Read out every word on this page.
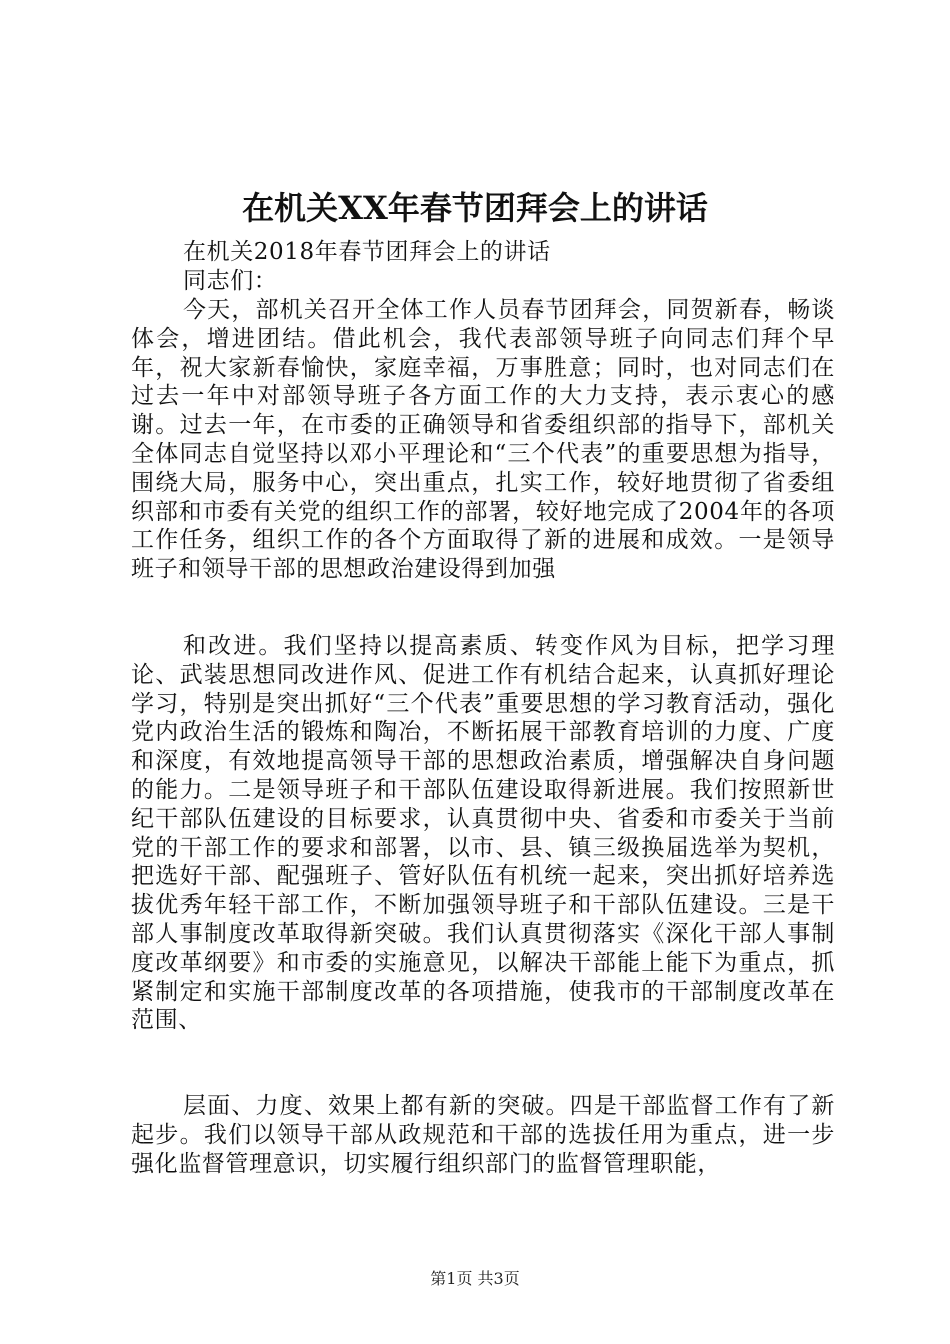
在机关XX年春节团拜会上的讲话

在机关2018年春节团拜会上的讲话

同志们：

今天，部机关召开全体工作人员春节团拜会，同贺新春，畅谈体会，增进团结。借此机会，我代表部领导班子向同志们拜个早年，祝大家新春愉快，家庭幸福，万事胜意；同时，也对同志们在过去一年中对部领导班子各方面工作的大力支持，表示衷心的感谢。过去一年，在市委的正确领导和省委组织部的指导下，部机关全体同志自觉坚持以邓小平理论和“三个代表”的重要思想为指导，围绕大局，服务中心，突出重点，扎实工作，较好地贯彻了省委组织部和市委有关党的组织工作的部署，较好地完成了2004年的各项工作任务，组织工作的各个方面取得了新的进展和成效。一是领导班子和领导干部的思想政治建设得到加强

和改进。我们坚持以提高素质、转变作风为目标，把学习理论、武装思想同改进作风、促进工作有机结合起来，认真抓好理论学习，特别是突出抓好“三个代表”重要思想的学习教育活动，强化党内政治生活的锻炼和陶冶，不断拓展干部教育培训的力度、广度和深度，有效地提高领导干部的思想政治素质，增强解决自身问题的能力。二是领导班子和干部队伍建设取得新进展。我们按照新世纪干部队伍建设的目标要求，认真贯彻中央、省委和市委关于当前党的干部工作的要求和部署，以市、县、镇三级换届选举为契机，把选好干部、配强班子、管好队伍有机统一起来，突出抓好培养选拔优秀年轻干部工作，不断加强领导班子和干部队伍建设。三是干部人事制度改革取得新突破。我们认真贯彻落实《深化干部人事制度改革纲要》和市委的实施意见，以解决干部能上能下为重点，抓紧制定和实施干部制度改革的各项措施，使我市的干部制度改革在范围、

层面、力度、效果上都有新的突破。四是干部监督工作有了新起步。我们以领导干部从政规范和干部的选拔任用为重点，进一步强化监督管理意识，切实履行组织部门的监督管理职能，

第1页 共3页
